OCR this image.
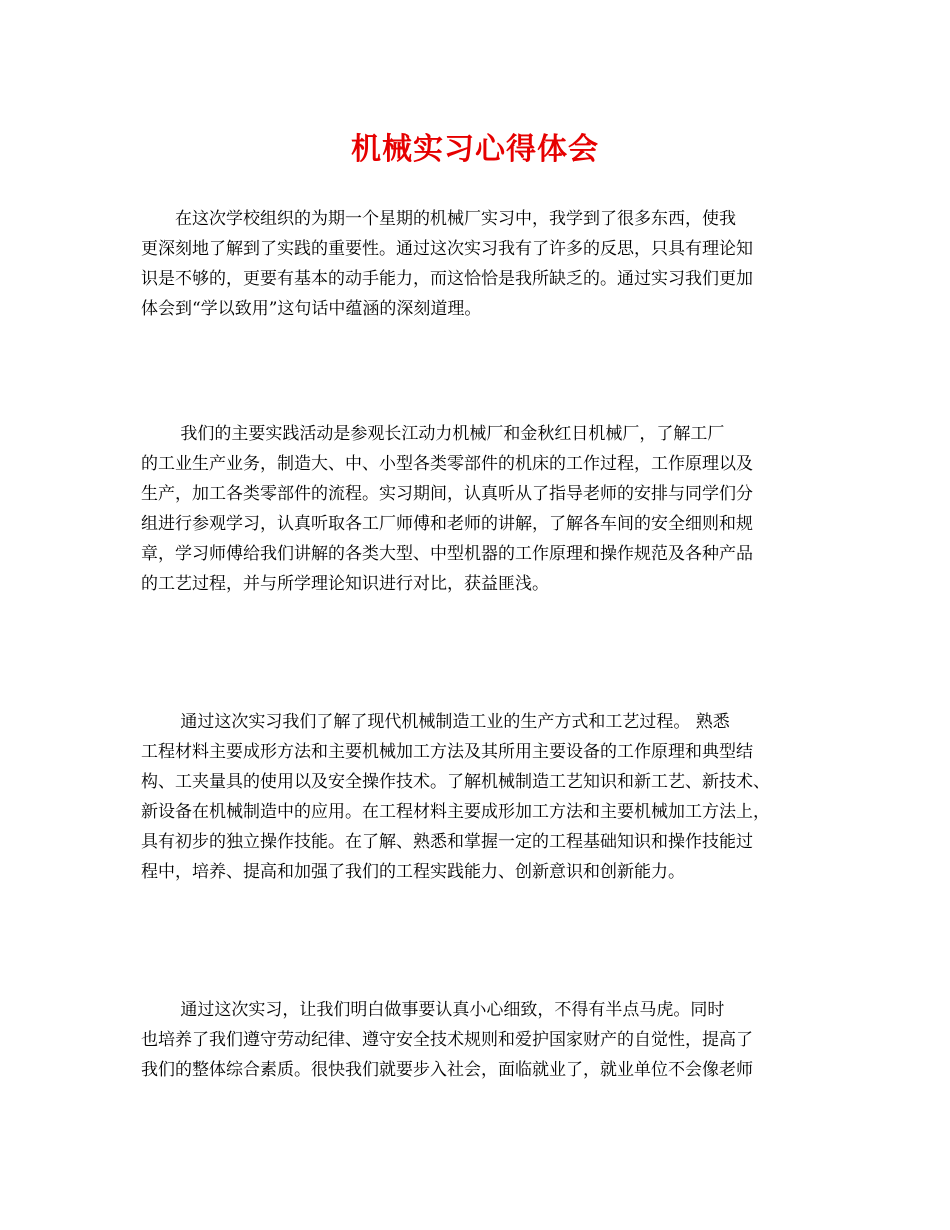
机械实习心得体会

　　在这次学校组织的为期一个星期的机械厂实习中，我学到了很多东西，使我
更深刻地了解到了实践的重要性。通过这次实习我有了许多的反思，只具有理论知
识是不够的，更要有基本的动手能力，而这恰恰是我所缺乏的。通过实习我们更加
体会到“学以致用”这句话中蕴涵的深刻道理。

　　 我们的主要实践活动是参观长江动力机械厂和金秋红日机械厂，了解工厂
的工业生产业务，制造大、中、小型各类零部件的机床的工作过程，工作原理以及
生产，加工各类零部件的流程。实习期间，认真听从了指导老师的安排与同学们分
组进行参观学习，认真听取各工厂师傅和老师的讲解，了解各车间的安全细则和规
章，学习师傅给我们讲解的各类大型、中型机器的工作原理和操作规范及各种产品
的工艺过程，并与所学理论知识进行对比，获益匪浅。

　　 通过这次实习我们了解了现代机械制造工业的生产方式和工艺过程。 熟悉
工程材料主要成形方法和主要机械加工方法及其所用主要设备的工作原理和典型结
构、工夹量具的使用以及安全操作技术。了解机械制造工艺知识和新工艺、新技术、
新设备在机械制造中的应用。在工程材料主要成形加工方法和主要机械加工方法上，
具有初步的独立操作技能。在了解、熟悉和掌握一定的工程基础知识和操作技能过
程中，培养、提高和加强了我们的工程实践能力、创新意识和创新能力。

　　 通过这次实习，让我们明白做事要认真小心细致，不得有半点马虎。同时
也培养了我们遵守劳动纪律、遵守安全技术规则和爱护国家财产的自觉性，提高了
我们的整体综合素质。很快我们就要步入社会，面临就业了，就业单位不会像老师
